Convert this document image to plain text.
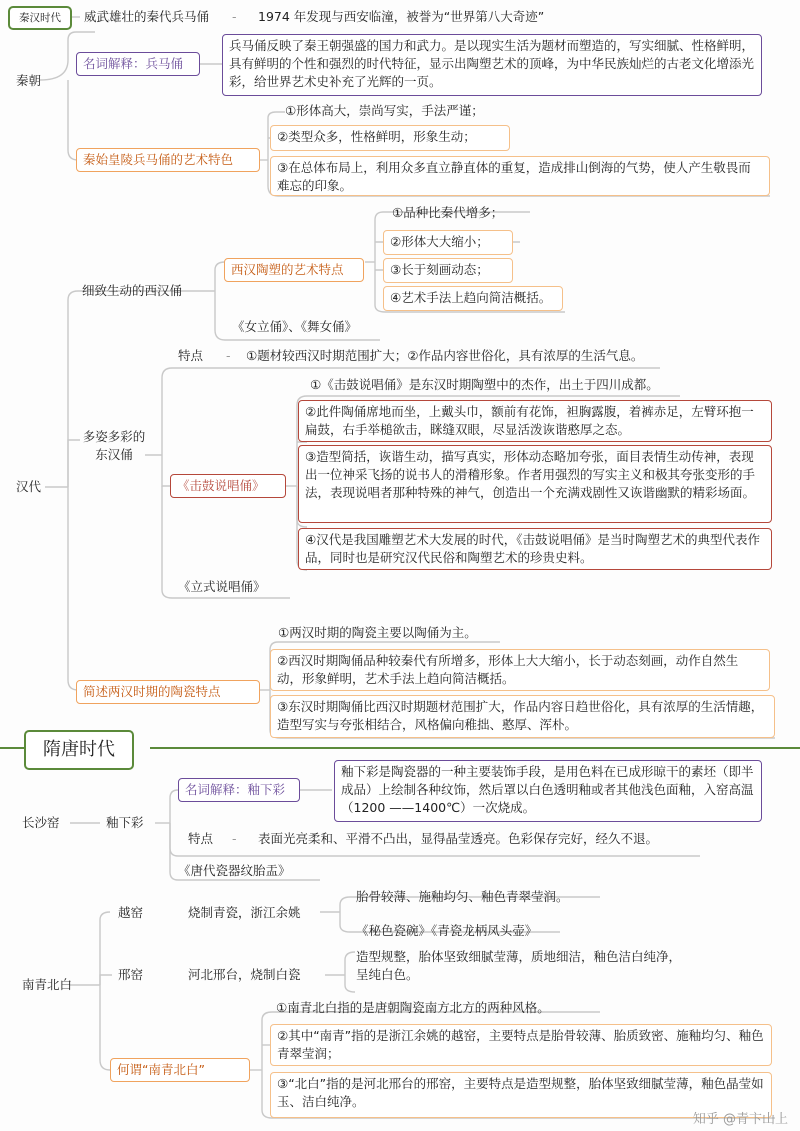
秦汉时代	威武雄壮的秦代兵马俑 - 1974 年发现与西安临潼，被誉为“世界第八大奇迹”
秦朝
名词解释：兵马俑
兵马俑反映了秦王朝强盛的国力和武力。是以现实生活为题材而塑造的，写实细腻、性格鲜明，具有鲜明的个性和强烈的时代特征，显示出陶塑艺术的顶峰，为中华民族灿烂的古老文化增添光彩，给世界艺术史补充了光辉的一页。
秦始皇陵兵马俑的艺术特色
①形体高大，崇尚写实，手法严谨；
②类型众多，性格鲜明，形象生动；
③在总体布局上，利用众多直立静直体的重复，造成排山倒海的气势，使人产生敬畏而难忘的印象。
汉代
细致生动的西汉俑
西汉陶塑的艺术特点
①品种比秦代增多；
②形体大大缩小；
③长于刻画动态；
④艺术手法上趋向简洁概括。
《女立俑》、《舞女俑》
多姿多彩的东汉俑
特点 - ①题材较西汉时期范围扩大；②作品内容世俗化，具有浓厚的生活气息。
《击鼓说唱俑》
①《击鼓说唱俑》是东汉时期陶塑中的杰作，出土于四川成都。
②此件陶俑席地而坐，上戴头巾，额前有花饰，袒胸露腹，着裤赤足，左臂环抱一扁鼓，右手举槌欲击，眯缝双眼，尽显活泼诙谐憨厚之态。
③造型简括，诙谐生动，描写真实，形体动态略加夸张，面目表情生动传神，表现出一位神采飞扬的说书人的滑稽形象。作者用强烈的写实主义和极其夸张变形的手法，表现说唱者那种特殊的神气，创造出一个充满戏剧性又诙谐幽默的精彩场面。
④汉代是我国雕塑艺术大发展的时代，《击鼓说唱俑》是当时陶塑艺术的典型代表作品，同时也是研究汉代民俗和陶塑艺术的珍贵史料。
《立式说唱俑》
简述两汉时期的陶瓷特点
①两汉时期的陶瓷主要以陶俑为主。
②西汉时期陶俑品种较秦代有所增多，形体上大大缩小，长于动态刻画，动作自然生动，形象鲜明，艺术手法上趋向简洁概括。
③东汉时期陶俑比西汉时期题材范围扩大，作品内容日趋世俗化，具有浓厚的生活情趣，造型写实与夸张相结合，风格偏向稚拙、憨厚、浑朴。
隋唐时代
长沙窑	釉下彩
名词解释：釉下彩
釉下彩是陶瓷器的一种主要装饰手段，是用色料在已成形晾干的素坯（即半成品）上绘制各种纹饰，然后罩以白色透明釉或者其他浅色面釉，入窑高温（1200 ——1400℃）一次烧成。
特点 - 表面光亮柔和、平滑不凸出，显得晶莹透亮。色彩保存完好，经久不退。
《唐代瓷器纹胎盂》
南青北白
越窑	烧制青瓷，浙江余姚
胎骨较薄、施釉均匀、釉色青翠莹润。
《秘色瓷碗》《青瓷龙柄凤头壶》
邢窑	河北邢台，烧制白瓷
造型规整，胎体坚致细腻莹薄，质地细洁，釉色洁白纯净，呈纯白色。
何谓“南青北白”
①南青北白指的是唐朝陶瓷南方北方的两种风格。
②其中“南青”指的是浙江余姚的越窑，主要特点是胎骨较薄、胎质致密、施釉均匀、釉色青翠莹润；
③“北白”指的是河北邢台的邢窑，主要特点是造型规整，胎体坚致细腻莹薄，釉色晶莹如玉、洁白纯净。
知乎 @青卞山上
